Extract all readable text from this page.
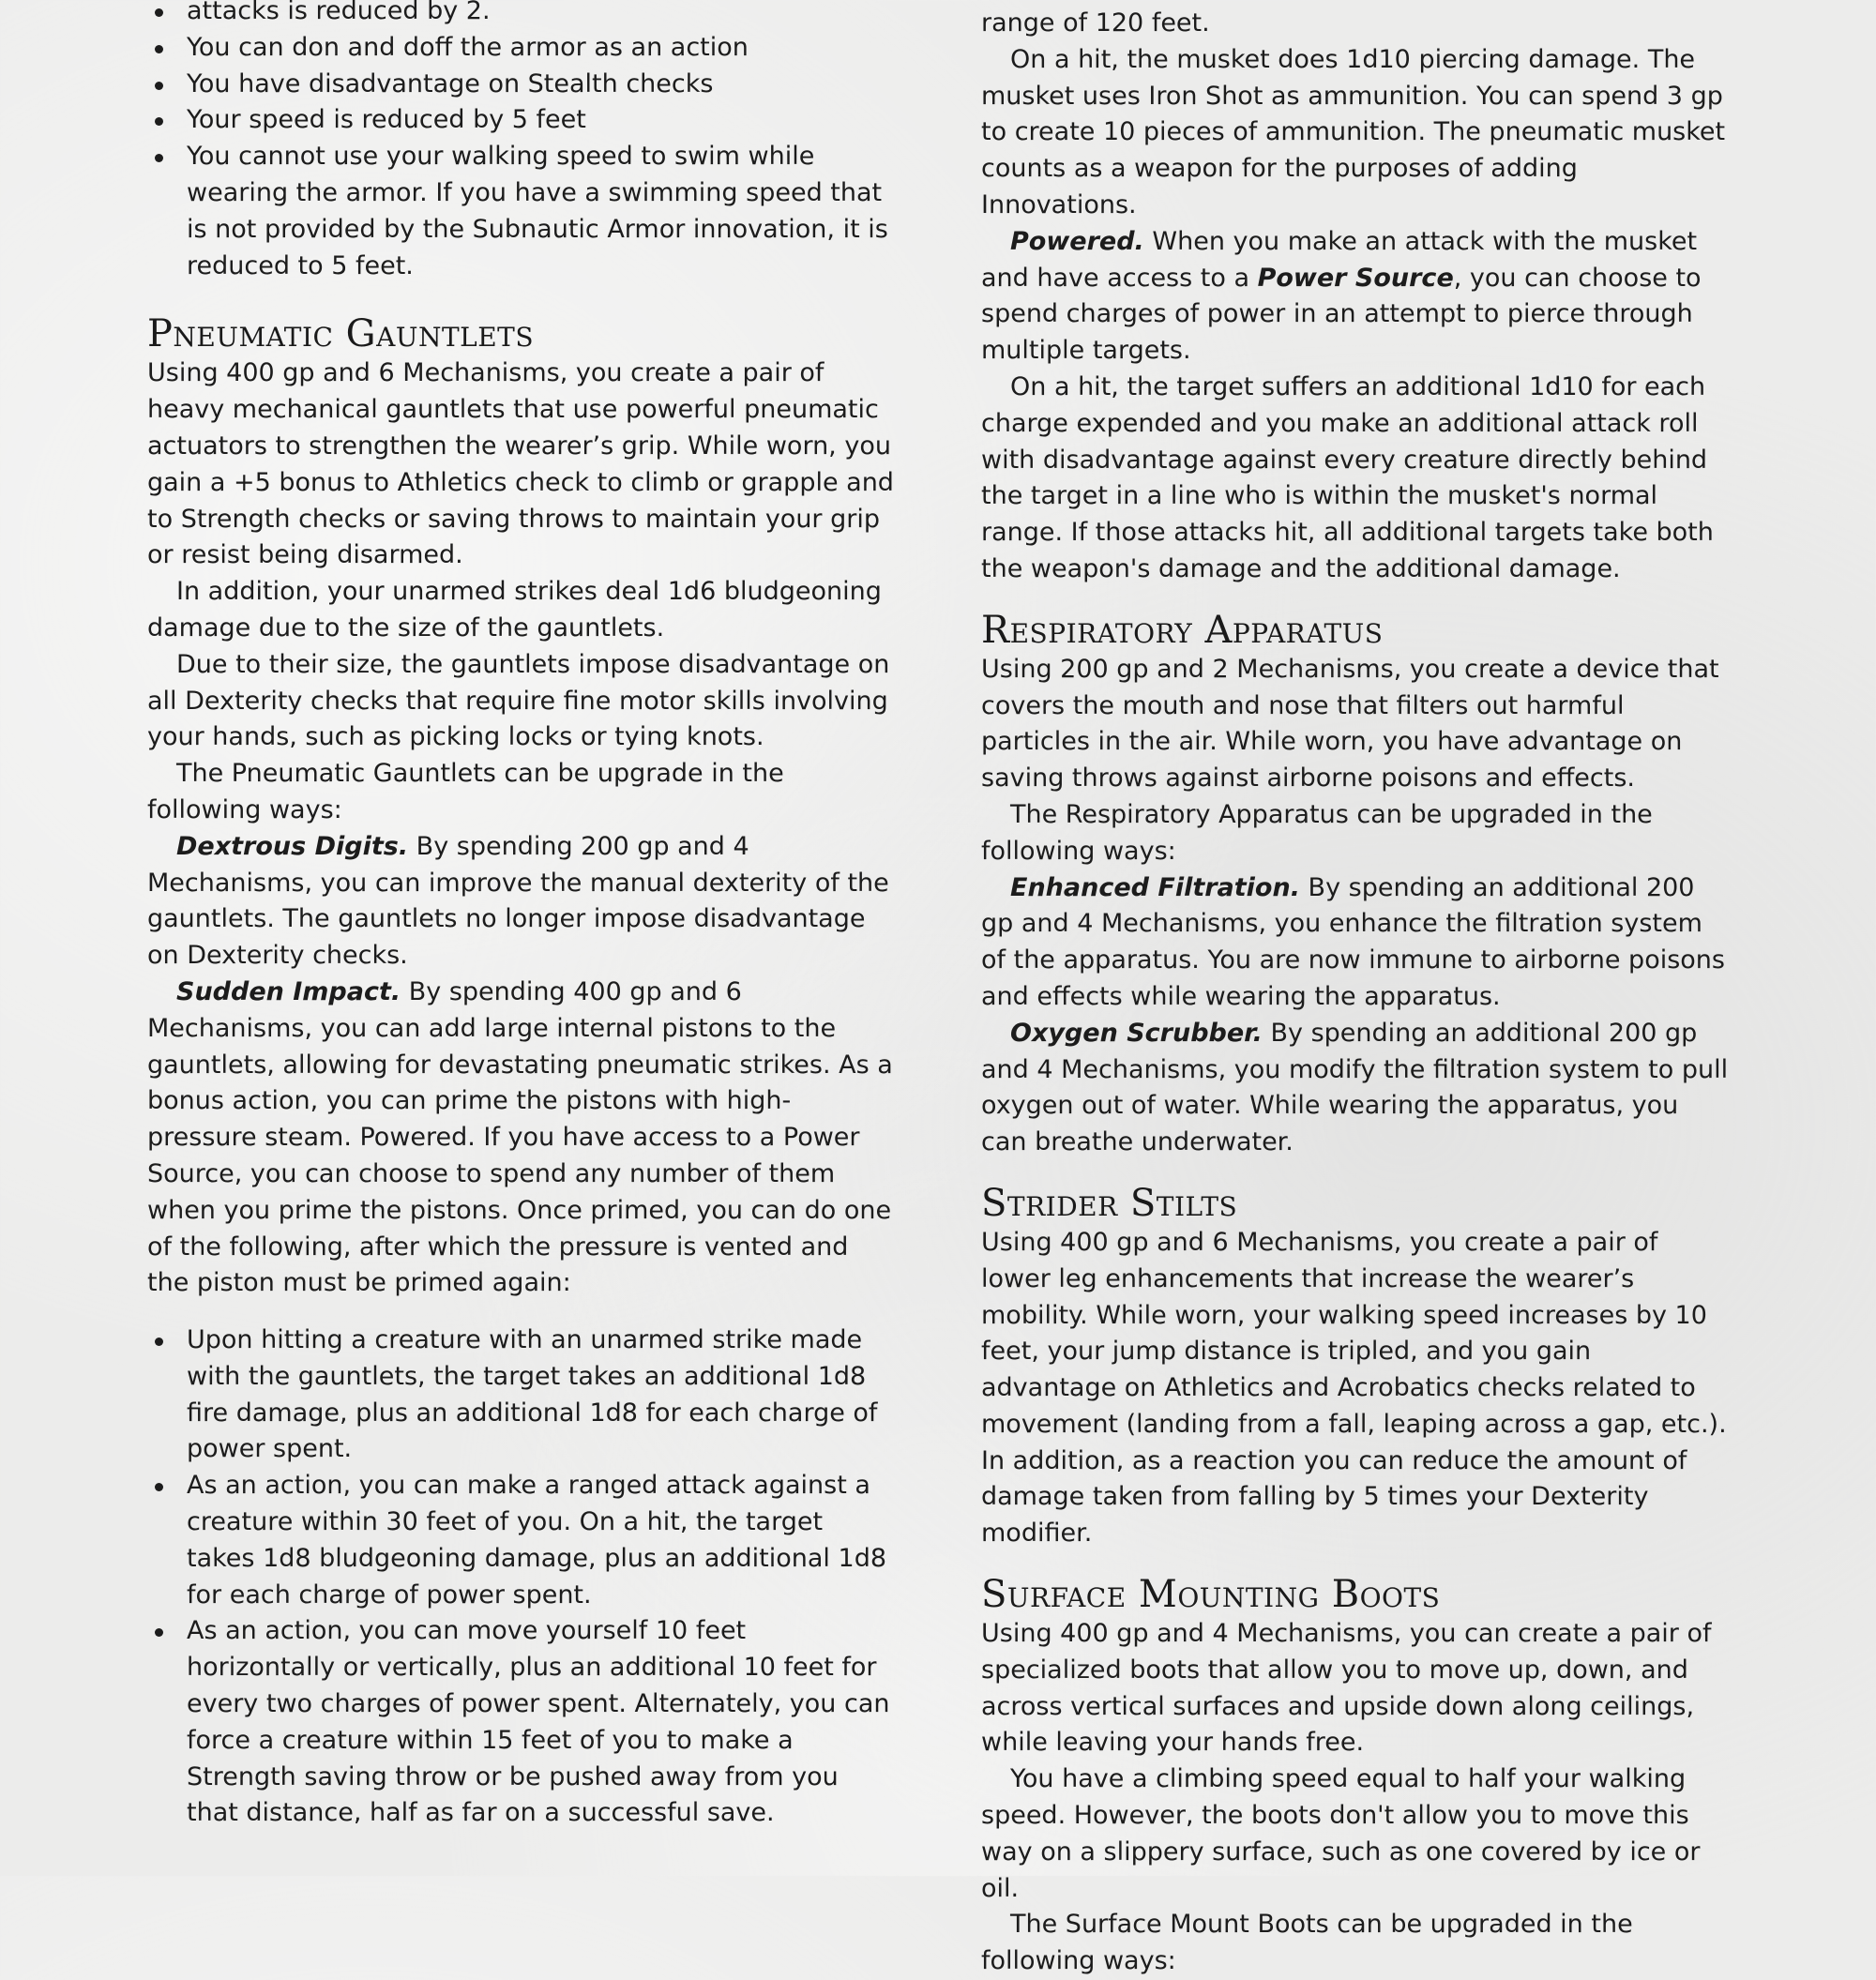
attacks is reduced by 2.
You can don and doff the armor as an action
You have disadvantage on Stealth checks
Your speed is reduced by 5 feet
You cannot use your walking speed to swim while wearing the armor. If you have a swimming speed that is not provided by the Subnautic Armor innovation, it is reduced to 5 feet.
Pneumatic Gauntlets

Using 400 gp and 6 Mechanisms, you create a pair of heavy mechanical gauntlets that use powerful pneumatic actuators to strengthen the wearer’s grip. While worn, you gain a +5 bonus to Athletics check to climb or grapple and to Strength checks or saving throws to maintain your grip or resist being disarmed.

In addition, your unarmed strikes deal 1d6 bludgeoning damage due to the size of the gauntlets.

Due to their size, the gauntlets impose disadvantage on all Dexterity checks that require fine motor skills involving your hands, such as picking locks or tying knots.

The Pneumatic Gauntlets can be upgrade in the following ways:

Dextrous Digits. By spending 200 gp and 4 Mechanisms, you can improve the manual dexterity of the gauntlets. The gauntlets no longer impose disadvantage on Dexterity checks.

Sudden Impact. By spending 400 gp and 6 Mechanisms, you can add large internal pistons to the gauntlets, allowing for devastating pneumatic strikes. As a bonus action, you can prime the pistons with high-pressure steam. Powered. If you have access to a Power Source, you can choose to spend any number of them when you prime the pistons. Once primed, you can do one of the following, after which the pressure is vented and the piston must be primed again:

Upon hitting a creature with an unarmed strike made with the gauntlets, the target takes an additional 1d8 fire damage, plus an additional 1d8 for each charge of power spent.
As an action, you can make a ranged attack against a creature within 30 feet of you. On a hit, the target takes 1d8 bludgeoning damage, plus an additional 1d8 for each charge of power spent.
As an action, you can move yourself 10 feet horizontally or vertically, plus an additional 10 feet for every two charges of power spent. Alternately, you can force a creature within 15 feet of you to make a Strength saving throw or be pushed away from you that distance, half as far on a successful save.

range of 120 feet.

On a hit, the musket does 1d10 piercing damage. The musket uses Iron Shot as ammunition. You can spend 3 gp to create 10 pieces of ammunition. The pneumatic musket counts as a weapon for the purposes of adding Innovations.

Powered. When you make an attack with the musket and have access to a Power Source, you can choose to spend charges of power in an attempt to pierce through multiple targets.

On a hit, the target suffers an additional 1d10 for each charge expended and you make an additional attack roll with disadvantage against every creature directly behind the target in a line who is within the musket's normal range. If those attacks hit, all additional targets take both the weapon's damage and the additional damage.

Respiratory Apparatus

Using 200 gp and 2 Mechanisms, you create a device that covers the mouth and nose that filters out harmful particles in the air. While worn, you have advantage on saving throws against airborne poisons and effects.

The Respiratory Apparatus can be upgraded in the following ways:

Enhanced Filtration. By spending an additional 200 gp and 4 Mechanisms, you enhance the filtration system of the apparatus. You are now immune to airborne poisons and effects while wearing the apparatus.

Oxygen Scrubber. By spending an additional 200 gp and 4 Mechanisms, you modify the filtration system to pull oxygen out of water. While wearing the apparatus, you can breathe underwater.

Strider Stilts

Using 400 gp and 6 Mechanisms, you create a pair of lower leg enhancements that increase the wearer’s mobility. While worn, your walking speed increases by 10 feet, your jump distance is tripled, and you gain advantage on Athletics and Acrobatics checks related to movement (landing from a fall, leaping across a gap, etc.). In addition, as a reaction you can reduce the amount of damage taken from falling by 5 times your Dexterity modifier.

Surface Mounting Boots

Using 400 gp and 4 Mechanisms, you can create a pair of specialized boots that allow you to move up, down, and across vertical surfaces and upside down along ceilings, while leaving your hands free.

You have a climbing speed equal to half your walking speed. However, the boots don't allow you to move this way on a slippery surface, such as one covered by ice or oil.

The Surface Mount Boots can be upgraded in the following ways:
